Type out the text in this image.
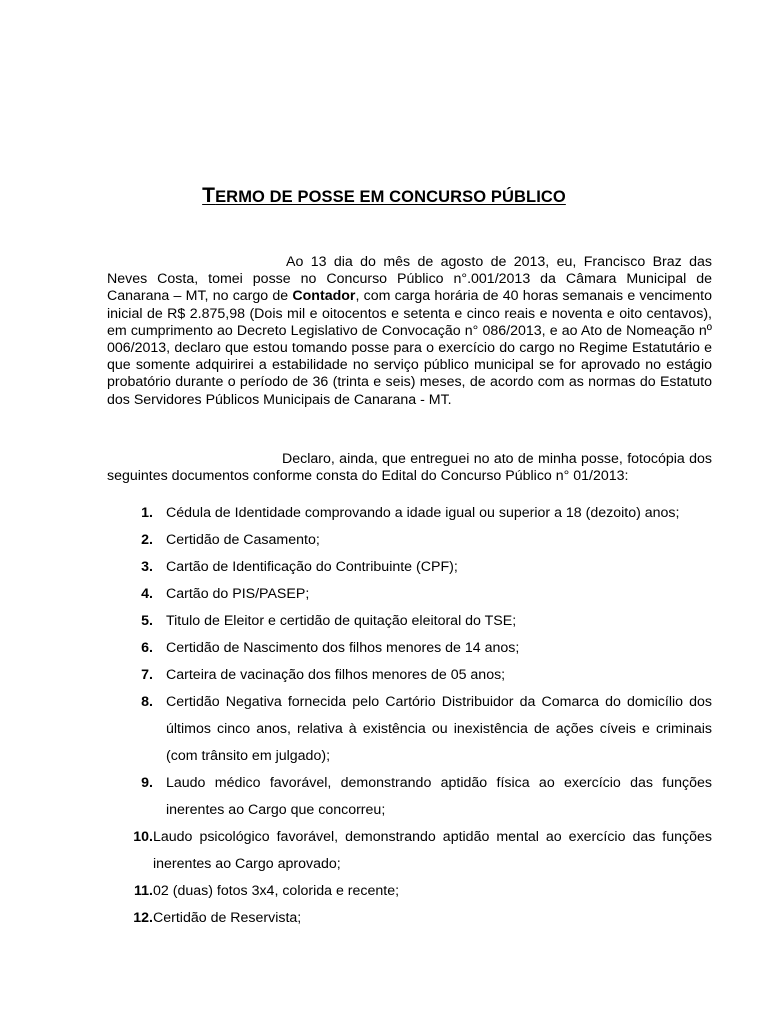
TERMO DE POSSE EM CONCURSO PÚBLICO
Ao 13 dia do mês de agosto de 2013, eu, Francisco Braz das Neves Costa, tomei posse no Concurso Público n°.001/2013 da Câmara Municipal de Canarana – MT, no cargo de Contador, com carga horária de 40 horas semanais e vencimento inicial de R$ 2.875,98 (Dois mil e oitocentos e setenta e cinco reais e noventa e oito centavos), em cumprimento ao Decreto Legislativo de Convocação n° 086/2013, e ao Ato de Nomeação nº 006/2013, declaro que estou tomando posse para o exercício do cargo no Regime Estatutário e que somente adquirirei a estabilidade no serviço público municipal se for aprovado no estágio probatório durante o período de 36 (trinta e seis) meses, de acordo com as normas do Estatuto dos Servidores Públicos Municipais de Canarana - MT.
Declaro, ainda, que entreguei no ato de minha posse, fotocópia dos seguintes documentos conforme consta do Edital do Concurso Público n° 01/2013:
1. Cédula de Identidade comprovando a idade igual ou superior a 18 (dezoito) anos;
2. Certidão de Casamento;
3. Cartão de Identificação do Contribuinte (CPF);
4. Cartão do PIS/PASEP;
5. Titulo de Eleitor e certidão de quitação eleitoral do TSE;
6. Certidão de Nascimento dos filhos menores de 14 anos;
7. Carteira de vacinação dos filhos menores de 05 anos;
8. Certidão Negativa fornecida pelo Cartório Distribuidor da Comarca do domicílio dos últimos cinco anos, relativa à existência ou inexistência de ações cíveis e criminais (com trânsito em julgado);
9. Laudo médico favorável, demonstrando aptidão física ao exercício das funções inerentes ao Cargo que concorreu;
10. Laudo psicológico favorável, demonstrando aptidão mental ao exercício das funções inerentes ao Cargo aprovado;
11. 02 (duas) fotos 3x4, colorida e recente;
12. Certidão de Reservista;
